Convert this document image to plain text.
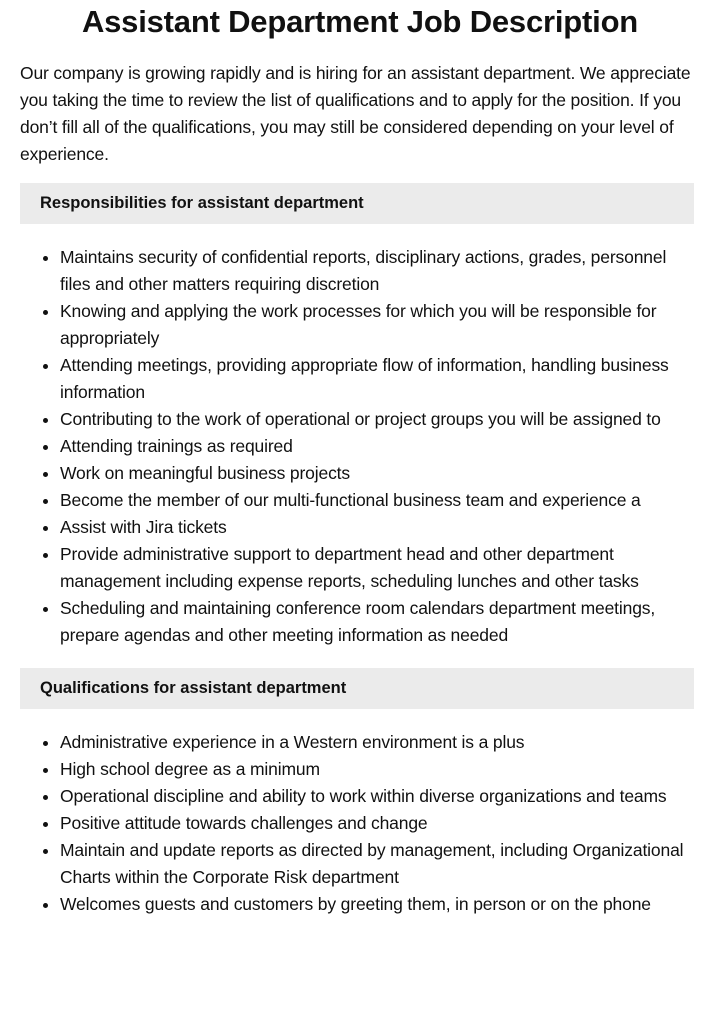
Assistant Department Job Description

Our company is growing rapidly and is hiring for an assistant department. We appreciate you taking the time to review the list of qualifications and to apply for the position. If you don’t fill all of the qualifications, you may still be considered depending on your level of experience.

Responsibilities for assistant department
• Maintains security of confidential reports, disciplinary actions, grades, personnel files and other matters requiring discretion
• Knowing and applying the work processes for which you will be responsible for appropriately
• Attending meetings, providing appropriate flow of information, handling business information
• Contributing to the work of operational or project groups you will be assigned to
• Attending trainings as required
• Work on meaningful business projects
• Become the member of our multi-functional business team and experience a
• Assist with Jira tickets
• Provide administrative support to department head and other department management including expense reports, scheduling lunches and other tasks
• Scheduling and maintaining conference room calendars department meetings, prepare agendas and other meeting information as needed
Qualifications for assistant department
• Administrative experience in a Western environment is a plus
• High school degree as a minimum
• Operational discipline and ability to work within diverse organizations and teams
• Positive attitude towards challenges and change
• Maintain and update reports as directed by management, including Organizational Charts within the Corporate Risk department
• Welcomes guests and customers by greeting them, in person or on the phone
